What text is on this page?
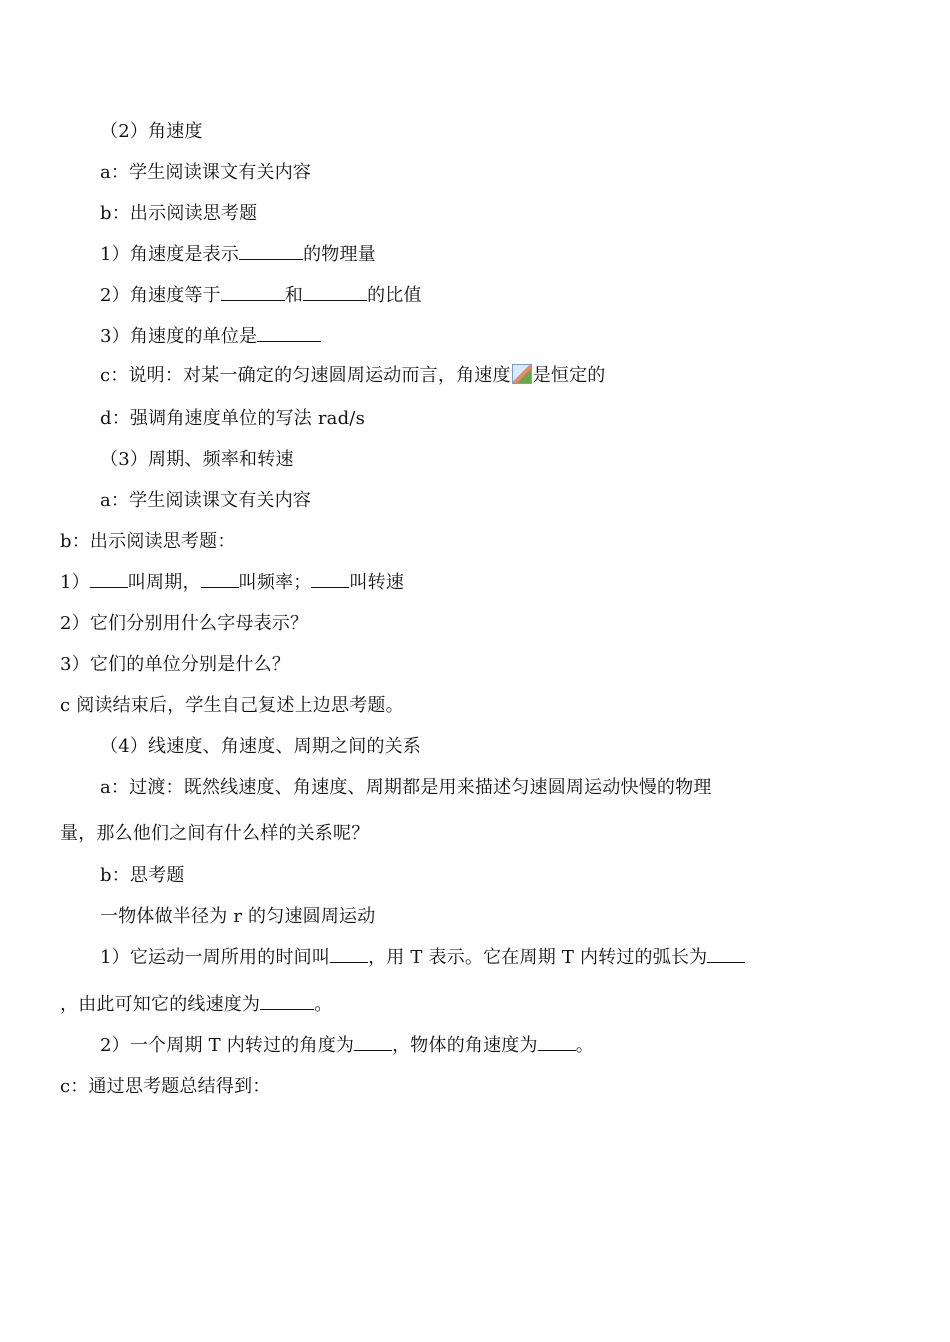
（2）角速度
a：学生阅读课文有关内容
b：出示阅读思考题
1）角速度是表示	的物理量
2）角速度等于	和	的比值
3）角速度的单位是
c：说明：对某一确定的匀速圆周运动而言，角速度 是恒定的
d：强调角速度单位的写法 rad/s
（3）周期、频率和转速
a：学生阅读课文有关内容
b：出示阅读思考题：
1） 叫周期， 叫频率； 叫转速
2）它们分别用什么字母表示？
3）它们的单位分别是什么？
c 阅读结束后，学生自己复述上边思考题。
（4）线速度、角速度、周期之间的关系
a：过渡：既然线速度、角速度、周期都是用来描述匀速圆周运动快慢的物理
量，那么他们之间有什么样的关系呢？
b：思考题
一物体做半径为 r 的匀速圆周运动
1）它运动一周所用的时间叫 ，用 T 表示。它在周期 T 内转过的弧长为
，由此可知它的线速度为	。
2）一个周期 T 内转过的角度为 ，物体的角速度为 。
c：通过思考题总结得到：
